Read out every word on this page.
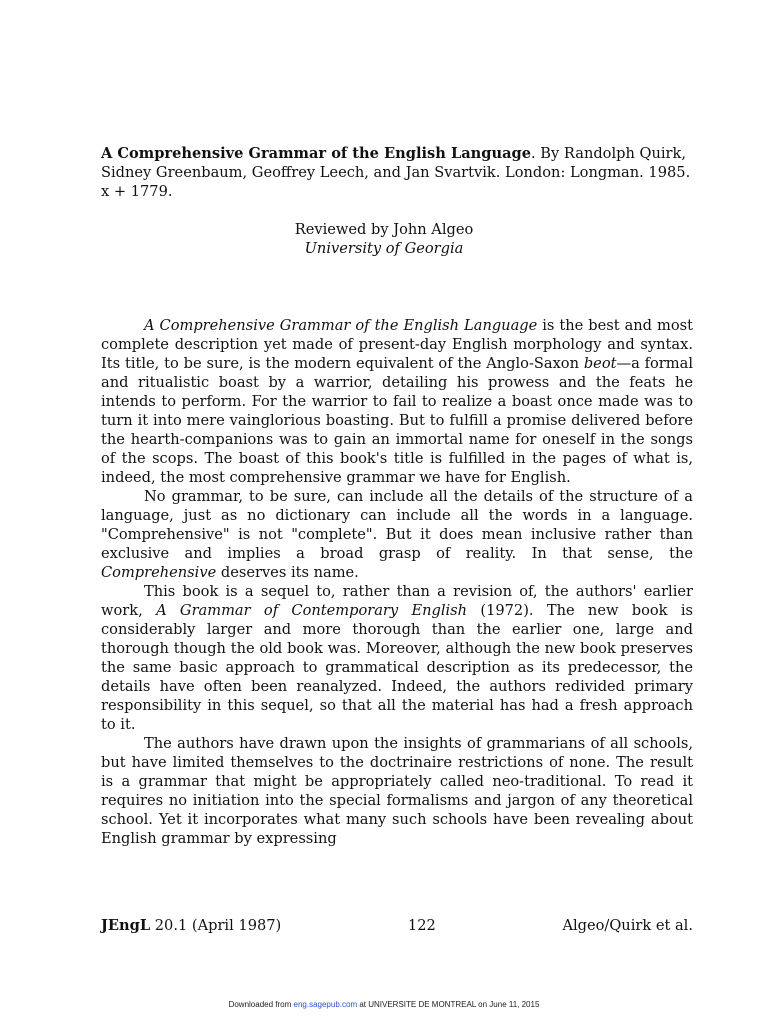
A Comprehensive Grammar of the English Language. By Randolph Quirk, Sidney Greenbaum, Geoffrey Leech, and Jan Svartvik. London: Longman. 1985. x + 1779.
Reviewed by John Algeo
University of Georgia

A Comprehensive Grammar of the English Language is the best and most complete description yet made of present-day English morphology and syntax. Its title, to be sure, is the modern equivalent of the Anglo-Saxon beot—a formal and ritualistic boast by a warrior, detailing his prowess and the feats he intends to perform. For the warrior to fail to realize a boast once made was to turn it into mere vainglorious boasting. But to fulfill a promise delivered before the hearth-companions was to gain an immortal name for oneself in the songs of the scops. The boast of this book's title is fulfilled in the pages of what is, indeed, the most comprehensive grammar we have for English.

No grammar, to be sure, can include all the details of the structure of a language, just as no dictionary can include all the words in a language. "Comprehensive" is not "complete". But it does mean inclusive rather than exclusive and implies a broad grasp of reality. In that sense, the Comprehensive deserves its name.

This book is a sequel to, rather than a revision of, the authors' earlier work, A Grammar of Contemporary English (1972). The new book is considerably larger and more thorough than the earlier one, large and thorough though the old book was. Moreover, although the new book preserves the same basic approach to grammatical description as its predecessor, the details have often been reanalyzed. Indeed, the authors redivided primary responsibility in this sequel, so that all the material has had a fresh approach to it.

The authors have drawn upon the insights of grammarians of all schools, but have limited themselves to the doctrinaire restrictions of none. The result is a grammar that might be appropriately called neo-traditional. To read it requires no initiation into the special formalisms and jargon of any theoretical school. Yet it incorporates what many such schools have been revealing about English grammar by expressing

JEngL 20.1 (April 1987)	122	Algeo/Quirk et al.
Downloaded from eng.sagepub.com at UNIVERSITE DE MONTREAL on June 11, 2015
